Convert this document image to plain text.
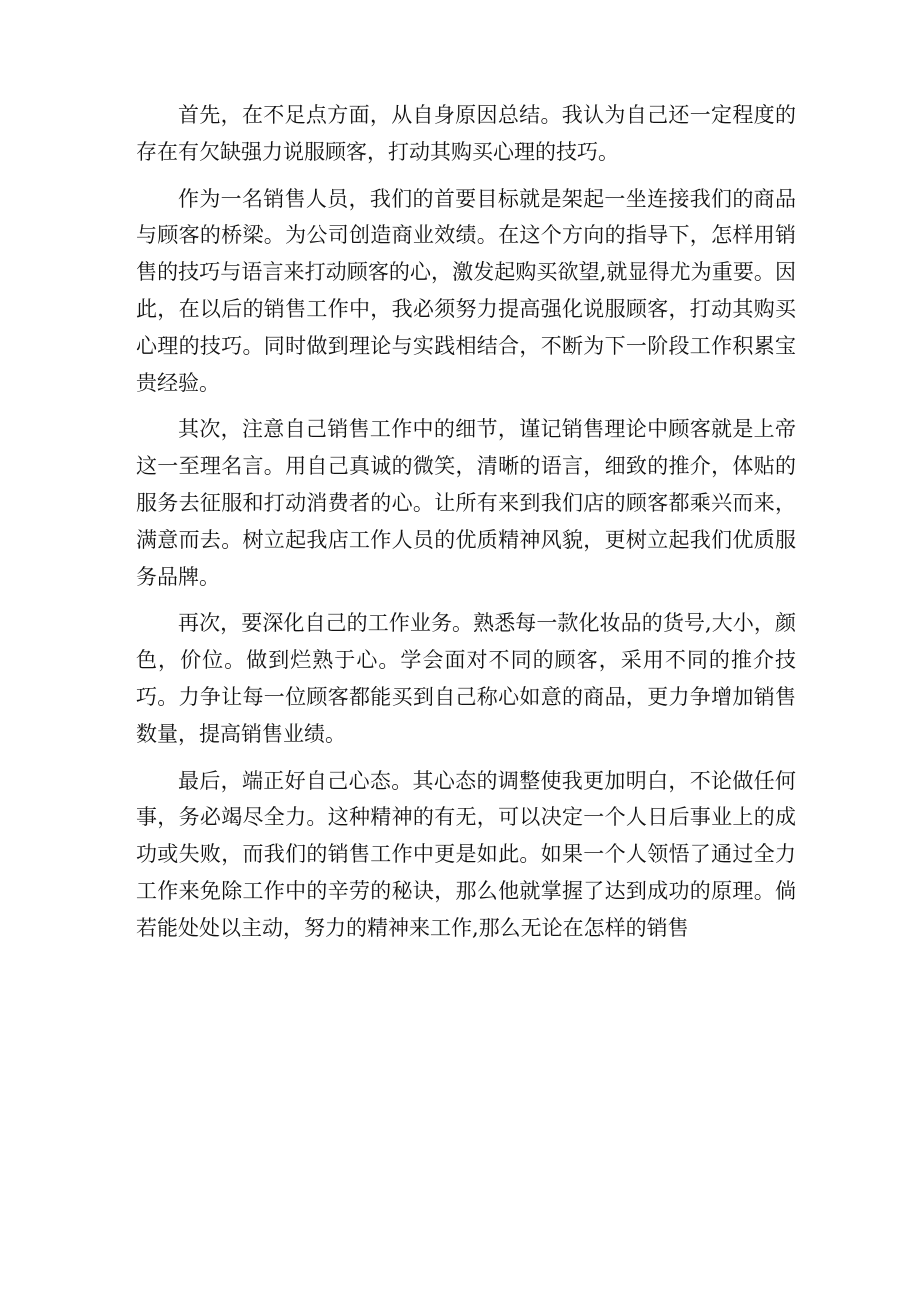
首先，在不足点方面，从自身原因总结。我认为自己还一定程度的存在有欠缺强力说服顾客，打动其购买心理的技巧。

作为一名销售人员，我们的首要目标就是架起一坐连接我们的商品与顾客的桥梁。为公司创造商业效绩。在这个方向的指导下，怎样用销售的技巧与语言来打动顾客的心，激发起购买欲望,就显得尤为重要。因此，在以后的销售工作中，我必须努力提高强化说服顾客，打动其购买心理的技巧。同时做到理论与实践相结合，不断为下一阶段工作积累宝贵经验。

其次，注意自己销售工作中的细节，谨记销售理论中顾客就是上帝这一至理名言。用自己真诚的微笑，清晰的语言，细致的推介，体贴的服务去征服和打动消费者的心。让所有来到我们店的顾客都乘兴而来，满意而去。树立起我店工作人员的优质精神风貌，更树立起我们优质服务品牌。

再次，要深化自己的工作业务。熟悉每一款化妆品的货号,大小，颜色，价位。做到烂熟于心。学会面对不同的顾客，采用不同的推介技巧。力争让每一位顾客都能买到自己称心如意的商品，更力争增加销售数量，提高销售业绩。

最后，端正好自己心态。其心态的调整使我更加明白，不论做任何事，务必竭尽全力。这种精神的有无，可以决定一个人日后事业上的成功或失败，而我们的销售工作中更是如此。如果一个人领悟了通过全力工作来免除工作中的辛劳的秘诀，那么他就掌握了达到成功的原理。倘若能处处以主动，努力的精神来工作,那么无论在怎样的销售
